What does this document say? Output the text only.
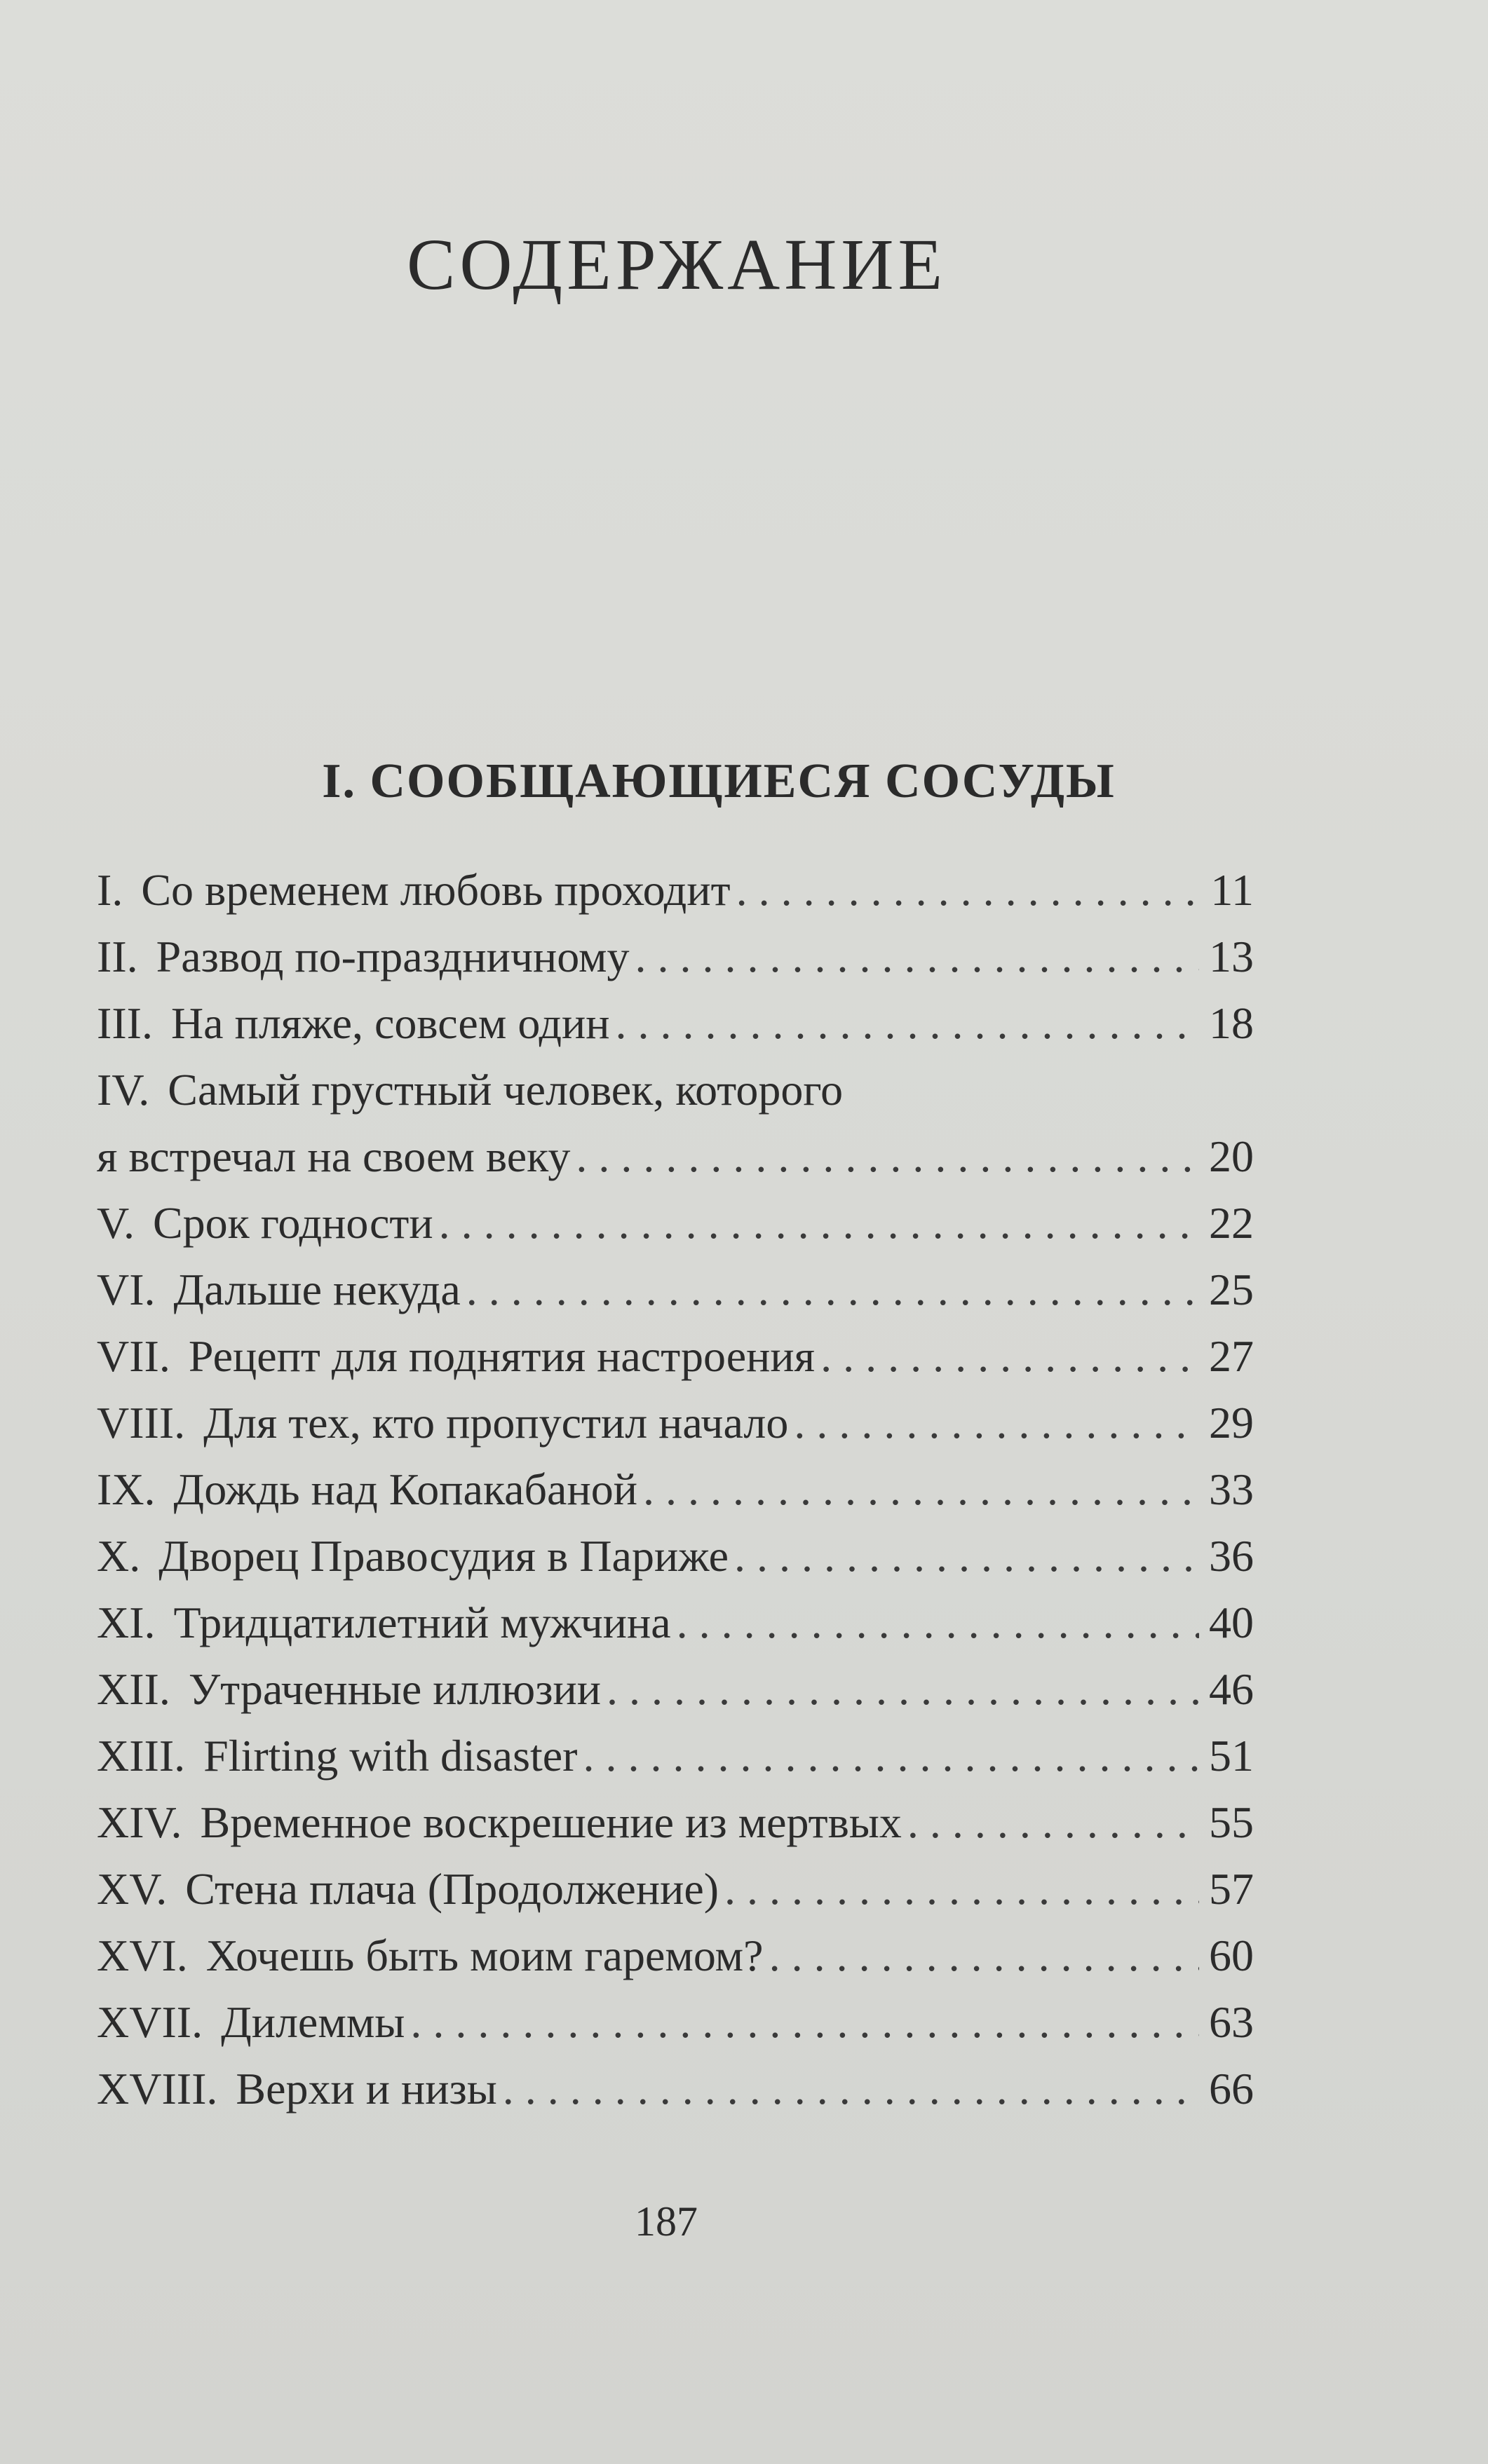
СОДЕРЖАНИЕ
I. СООБЩАЮЩИЕСЯ СОСУДЫ
I. Со временем любовь проходит . . .	11
II. Развод по-праздничному . . .	13
III. На пляже, совсем один . . .	18
IV. Самый грустный человек, которого
я встречал на своем веку . . .	20
V. Срок годности . . .	22
VI. Дальше некуда . . .	25
VII. Рецепт для поднятия настроения . . .	27
VIII. Для тех, кто пропустил начало . . .	29
IX. Дождь над Копакабаной . . .	33
X. Дворец Правосудия в Париже . . .	36
XI. Тридцатилетний мужчина . . .	40
XII. Утраченные иллюзии . . .	46
XIII. Flirting with disaster . . .	51
XIV. Временное воскрешение из мертвых . . .	55
XV. Стена плача (Продолжение) . . .	57
XVI. Хочешь быть моим гаремом? . . .	60
XVII. Дилеммы . . .	63
XVIII. Верхи и низы . . .	66
187
